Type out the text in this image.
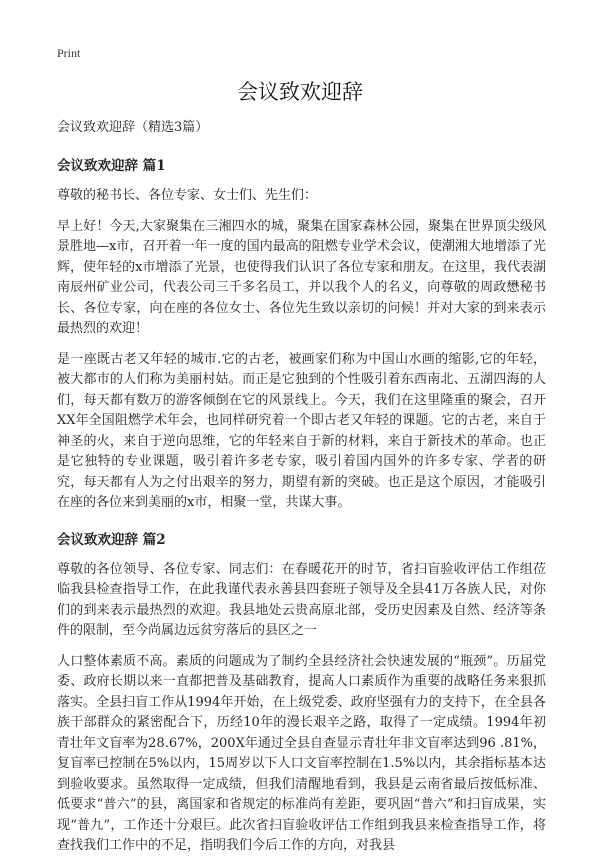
Print
会议致欢迎辞

会议致欢迎辞（精选3篇）

会议致欢迎辞 篇1

尊敬的秘书长、各位专家、女士们、先生们：

早上好！今天,大家聚集在三湘四水的城，聚集在国家森林公园，聚集在世界顶尖级风景胜地—x市，召开着一年一度的国内最高的阻燃专业学术会议，使潮湘大地增添了光辉，使年轻的x市增添了光景，也使得我们认识了各位专家和朋友。在这里，我代表湖南辰州矿业公司，代表公司三千多名员工，并以我个人的名义，向尊敬的周政懋秘书长、各位专家，向在座的各位女士、各位先生致以亲切的问候！并对大家的到来表示最热烈的欢迎！

是一座既古老又年轻的城市.它的古老，被画家们称为中国山水画的缩影,它的年轻，被大都市的人们称为美丽村姑。而正是它独到的个性吸引着东西南北、五湖四海的人们，每天都有数万的游客倾倒在它的风景线上。今天，我们在这里隆重的聚会，召开XX年全国阻燃学术年会，也同样研究着一个即古老又年轻的课题。它的古老，来自于神圣的火，来自于逆向思维，它的年轻来自于新的材料，来自于新技术的革命。也正是它独特的专业课题，吸引着许多老专家，吸引着国内国外的许多专家、学者的研究，每天都有人为之付出艰辛的努力，期望有新的突破。也正是这个原因，才能吸引在座的各位来到美丽的x市，相聚一堂，共谋大事。

会议致欢迎辞 篇2

尊敬的各位领导、各位专家、同志们：在春暖花开的时节，省扫盲验收评估工作组莅临我县检查指导工作，在此我谨代表永善县四套班子领导及全县41万各族人民，对你们的到来表示最热烈的欢迎。我县地处云贵高原北部，受历史因素及自然、经济等条件的限制，至今尚属边远贫穷落后的县区之一

人口整体素质不高。素质的问题成为了制约全县经济社会快速发展的“瓶颈”。历届党委、政府长期以来一直都把普及基础教育，提高人口素质作为重要的战略任务来狠抓落实。全县扫盲工作从1994年开始，在上级党委、政府坚强有力的支持下，在全县各族干部群众的紧密配合下，历经10年的漫长艰辛之路，取得了一定成绩。1994年初青壮年文盲率为28.67%，200X年通过全县自查显示青壮年非文盲率达到96 .81%，复盲率已控制在5%以内，15周岁以下人口文盲率控制在1.5%以内，其余指标基本达到验收要求。虽然取得一定成绩，但我们清醒地看到，我县是云南省最后按低标准、低要求“普六”的县，离国家和省规定的标准尚有差距，要巩固“普六”和扫盲成果，实现“普九”，工作还十分艰巨。此次省扫盲验收评估工作组到我县来检查指导工作，将查找我们工作中的不足，指明我们今后工作的方向，对我县
